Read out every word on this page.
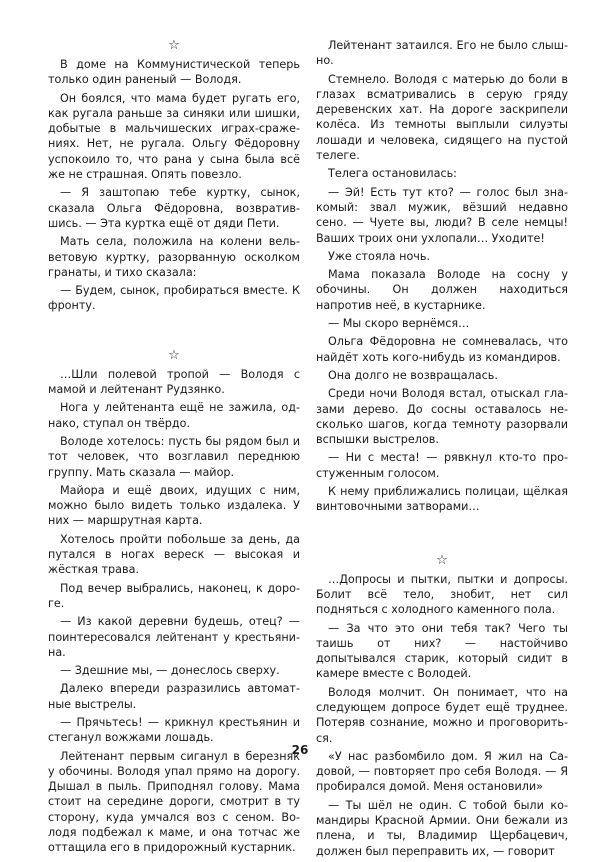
☆

В доме на Коммунистической теперь только один раненый — Володя.

Он боялся, что мама будет ругать его, как ругала раньше за синяки или шишки, добытые в мальчишеских играх-сражениях. Нет, не ругала. Ольгу Фёдоровну успокоило то, что рана у сына была всё же не страшная. Опять повезло.

— Я заштопаю тебе куртку, сынок, сказала Ольга Фёдоровна, возвратившись. — Эта куртка ещё от дяди Пети.

Мать села, положила на колени вельветовую куртку, разорванную осколком гранаты, и тихо сказала:

— Будем, сынок, пробираться вместе. К фронту.

☆

…Шли полевой тропой — Володя с мамой и лейтенант Рудзянко.

Нога у лейтенанта ещё не зажила, однако, ступал он твёрдо.

Володе хотелось: пусть бы рядом был и тот человек, что возглавил переднюю группу. Мать сказала — майор.

Майора и ещё двоих, идущих с ним, можно было видеть только издалека. У них — маршрутная карта.

Хотелось пройти побольше за день, да путался в ногах вереск — высокая и жёсткая трава.

Под вечер выбрались, наконец, к дороге.

— Из какой деревни будешь, отец? — поинтересовался лейтенант у крестьянина.

— Здешние мы, — донеслось сверху.

Далеко впереди разразились автоматные выстрелы.

— Прячьтесь! — крикнул крестьянин и стеганул вожжами лошадь.

Лейтенант первым сиганул в березняк у обочины. Володя упал прямо на дорогу. Дышал в пыль. Приподнял голову. Мама стоит на середине дороги, смотрит в ту сторону, куда умчался воз с сеном. Володя подбежал к маме, и она тотчас же оттащила его в придорожный кустарник.

Лейтенант затаился. Его не было слышно.

Стемнело. Володя с матерью до боли в глазах всматривались в серую гряду деревенских хат. На дороге заскрипели колёса. Из темноты выплыли силуэты лошади и человека, сидящего на пустой телеге.

Телега остановилась:

— Эй! Есть тут кто? — голос был знакомый: звал мужик, вёзший недавно сено. — Чуете вы, люди? В селе немцы! Ваших троих они ухлопали… Уходите!

Уже стояла ночь.

Мама показала Володе на сосну у обочины. Он должен находиться напротив неё, в кустарнике.

— Мы скоро вернёмся…

Ольга Фёдоровна не сомневалась, что найдёт хоть кого-нибудь из командиров.

Она долго не возвращалась.

Среди ночи Володя встал, отыскал глазами дерево. До сосны оставалось несколько шагов, когда темноту разорвали вспышки выстрелов.

— Ни с места! — рявкнул кто-то простуженным голосом.

К нему приближались полицаи, щёлкая винтовочными затворами…

☆

…Допросы и пытки, пытки и допросы. Болит всё тело, знобит, нет сил подняться с холодного каменного пола.

— За что это они тебя так? Чего ты таишь от них? — настойчиво допытывался старик, который сидит в камере вместе с Володей.

Володя молчит. Он понимает, что на следующем допросе будет ещё труднее. Потеряв сознание, можно и проговориться.

«У нас разбомбило дом. Я жил на Садовой, — повторяет про себя Володя. — Я пробирался домой. Меня остановили»

— Ты шёл не один. С тобой были командиры Красной Армии. Они бежали из плена, и ты, Владимир Щербацевич, должен был переправить их, — говорит

26
